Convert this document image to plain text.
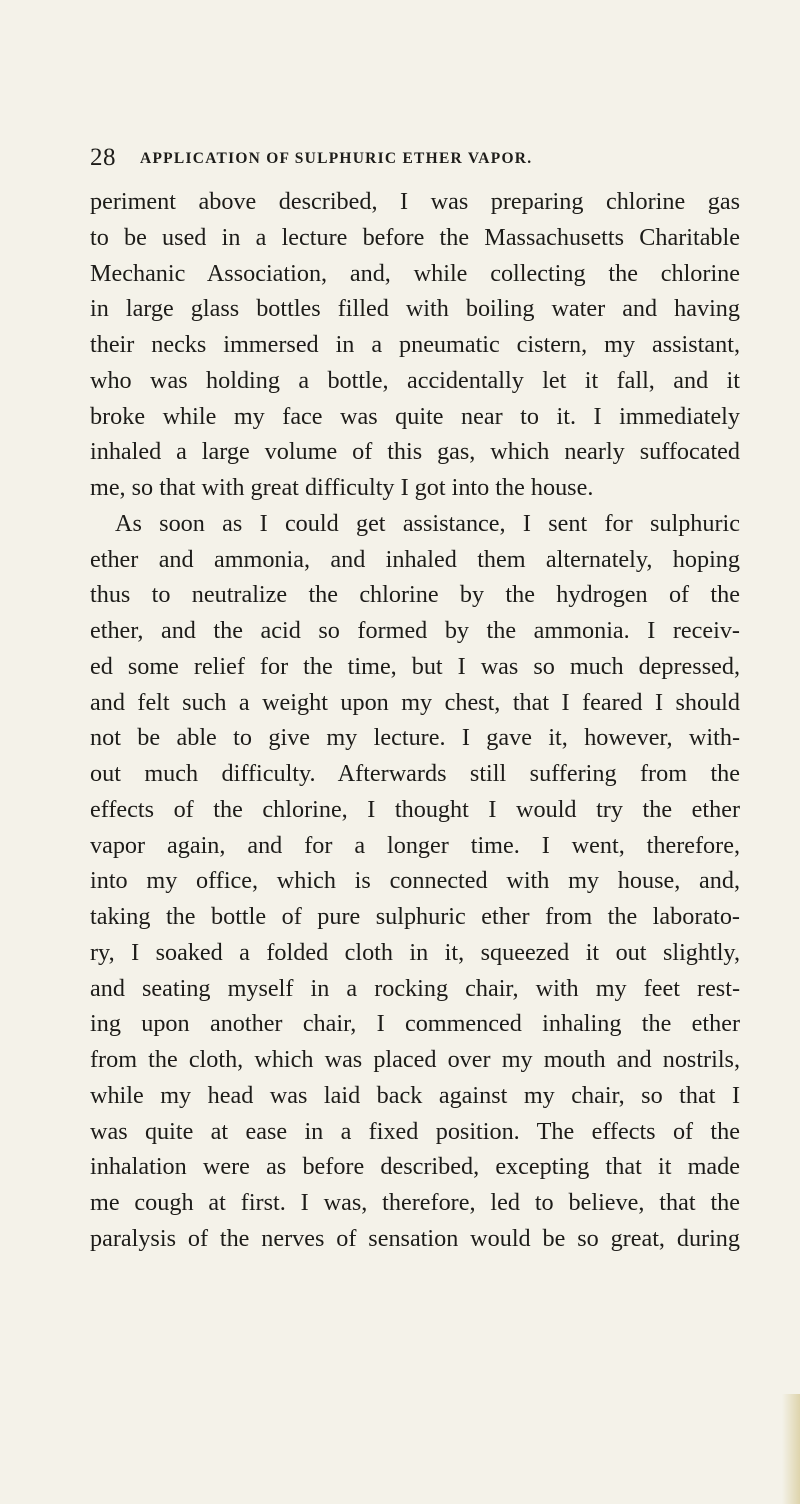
28 APPLICATION OF SULPHURIC ETHER VAPOR.
periment above described, I was preparing chlorine gas
to be used in a lecture before the Massachusetts Charitable
Mechanic Association, and, while collecting the chlorine
in large glass bottles filled with boiling water and having
their necks immersed in a pneumatic cistern, my assistant,
who was holding a bottle, accidentally let it fall, and it
broke while my face was quite near to it. I immediately
inhaled a large volume of this gas, which nearly suffocated
me, so that with great difficulty I got into the house.
As soon as I could get assistance, I sent for sulphuric
ether and ammonia, and inhaled them alternately, hoping
thus to neutralize the chlorine by the hydrogen of the
ether, and the acid so formed by the ammonia. I receiv-
ed some relief for the time, but I was so much depressed,
and felt such a weight upon my chest, that I feared I should
not be able to give my lecture. I gave it, however, with-
out much difficulty. Afterwards still suffering from the
effects of the chlorine, I thought I would try the ether
vapor again, and for a longer time. I went, therefore,
into my office, which is connected with my house, and,
taking the bottle of pure sulphuric ether from the laborato-
ry, I soaked a folded cloth in it, squeezed it out slightly,
and seating myself in a rocking chair, with my feet rest-
ing upon another chair, I commenced inhaling the ether
from the cloth, which was placed over my mouth and nostrils,
while my head was laid back against my chair, so that I
was quite at ease in a fixed position. The effects of the
inhalation were as before described, excepting that it made
me cough at first. I was, therefore, led to believe, that the
paralysis of the nerves of sensation would be so great, during
